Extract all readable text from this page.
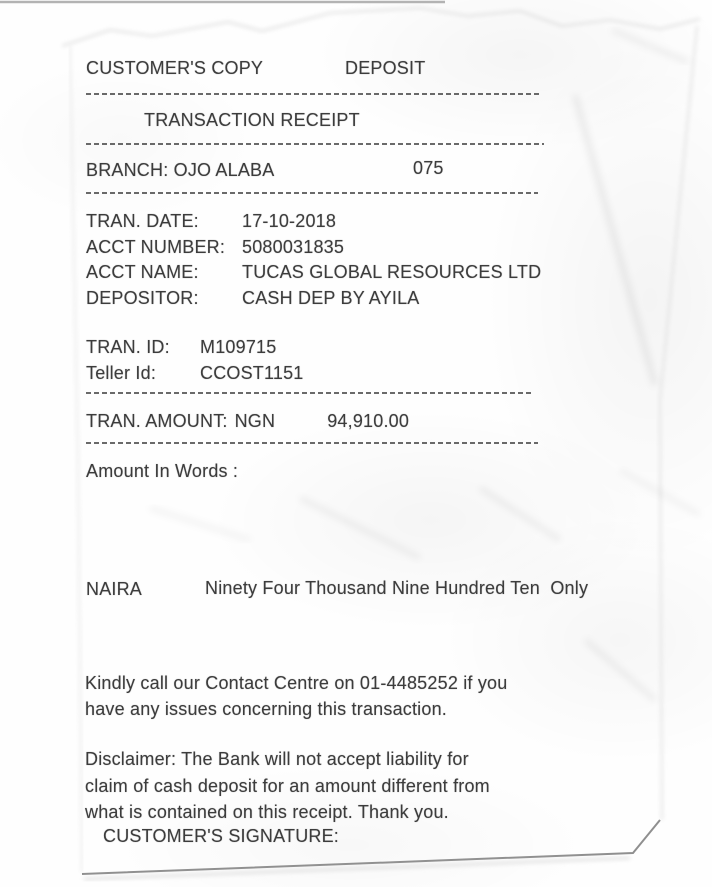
CUSTOMER'S COPY	DEPOSIT
TRANSACTION RECEIPT
BRANCH: OJO ALABA	075
TRAN. DATE:	17-10-2018
ACCT NUMBER: 5080031835
ACCT NAME:	TUCAS GLOBAL RESOURCES LTD
DEPOSITOR:	CASH DEP BY AYILA
TRAN. ID:	M109715
Teller Id:	CCOST1151
TRAN. AMOUNT: NGN	94,910.00
Amount In Words :
NAIRA	Ninety Four Thousand Nine Hundred Ten  Only
Kindly call our Contact Centre on 01-4485252 if you
have any issues concerning this transaction.
Disclaimer: The Bank will not accept liability for
claim of cash deposit for an amount different from
what is contained on this receipt. Thank you.
CUSTOMER'S SIGNATURE:
